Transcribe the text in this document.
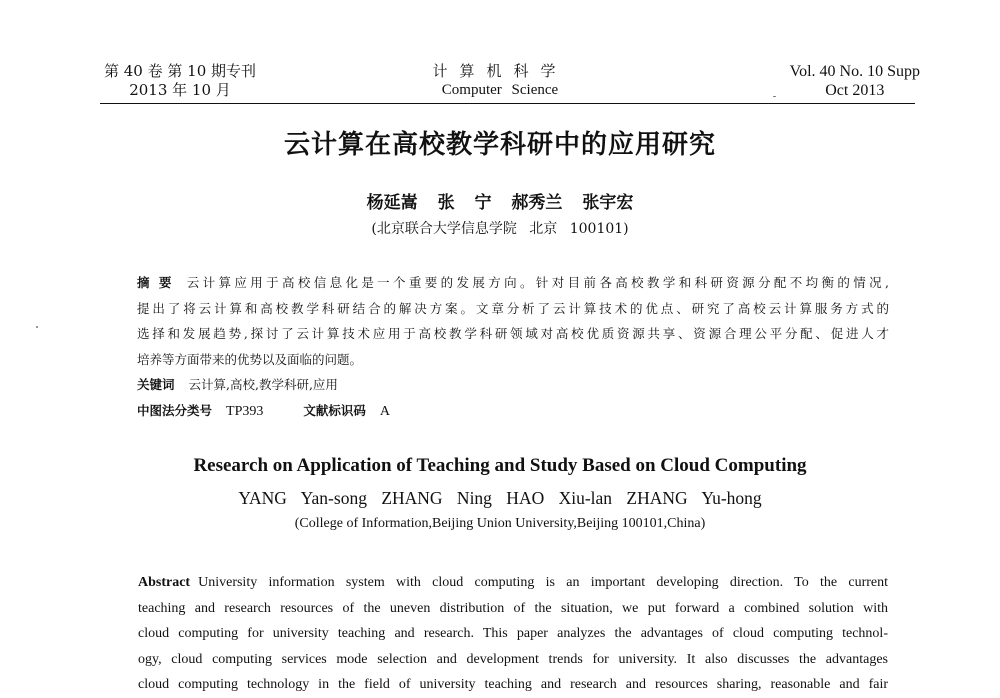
第 40 卷 第 10 期专刊
2013 年 10 月
计算机科学
Computer Science
Vol. 40 No. 10 Supp
Oct 2013
云计算在高校教学科研中的应用研究
杨延嵩 张 宁 郝秀兰 张宇宏
(北京联合大学信息学院 北京 100101)
摘要 云计算应用于高校信息化是一个重要的发展方向。针对目前各高校教学和科研资源分配不均衡的情况,
提出了将云计算和高校教学科研结合的解决方案。文章分析了云计算技术的优点、研究了高校云计算服务方式的
选择和发展趋势,探讨了云计算技术应用于高校教学科研领域对高校优质资源共享、资源合理公平分配、促进人才
培养等方面带来的优势以及面临的问题。
关键词 云计算,高校,教学科研,应用
中图法分类号 TP393	文献标识码 A
Research on Application of Teaching and Study Based on Cloud Computing
YANG Yan-song ZHANG Ning HAO Xiu-lan ZHANG Yu-hong
(College of Information,Beijing Union University,Beijing 100101,China)
Abstract University information system with cloud computing is an important developing direction. To the current
teaching and research resources of the uneven distribution of the situation, we put forward a combined solution with
cloud computing for university teaching and research. This paper analyzes the advantages of cloud computing technol-
ogy, cloud computing services mode selection and development trends for university. It also discusses the advantages
cloud computing technology in the field of university teaching and research and resources sharing, reasonable and fair
